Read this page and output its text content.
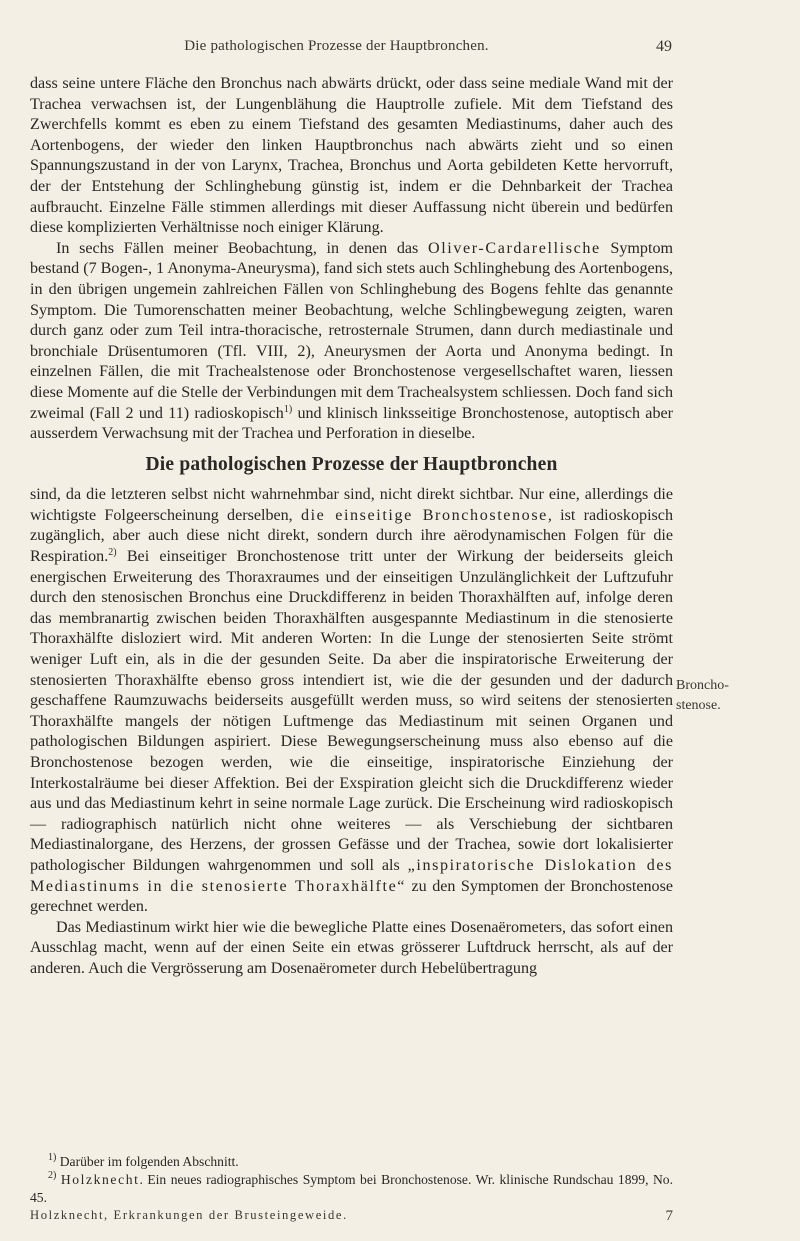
Die pathologischen Prozesse der Hauptbronchen.	49

dass seine untere Fläche den Bronchus nach abwärts drückt, oder dass seine mediale Wand mit der Trachea verwachsen ist, der Lungenblähung die Hauptrolle zufiele. Mit dem Tiefstand des Zwerchfells kommt es eben zu einem Tiefstand des gesamten Mediastinums, daher auch des Aortenbogens, der wieder den linken Hauptbronchus nach abwärts zieht und so einen Spannungszustand in der von Larynx, Trachea, Bronchus und Aorta gebildeten Kette hervorruft, der der Entstehung der Schlinghebung günstig ist, indem er die Dehnbarkeit der Trachea aufbraucht. Einzelne Fälle stimmen allerdings mit dieser Auffassung nicht überein und bedürfen diese komplizierten Verhältnisse noch einiger Klärung.

In sechs Fällen meiner Beobachtung, in denen das Oliver-Cardarellische Symptom bestand (7 Bogen-, 1 Anonyma-Aneurysma), fand sich stets auch Schlinghebung des Aortenbogens, in den übrigen ungemein zahlreichen Fällen von Schlinghebung des Bogens fehlte das genannte Symptom. Die Tumorenschatten meiner Beobachtung, welche Schlingbewegung zeigten, waren durch ganz oder zum Teil intra-thoracische, retrosternale Strumen, dann durch mediastinale und bronchiale Drüsentumoren (Tfl. VIII, 2), Aneurysmen der Aorta und Anonyma bedingt. In einzelnen Fällen, die mit Trachealstenose oder Bronchostenose vergesellschaftet waren, liessen diese Momente auf die Stelle der Verbindungen mit dem Trachealsystem schliessen. Doch fand sich zweimal (Fall 2 und 11) radioskopisch$^{1)}$ und klinisch linksseitige Bronchostenose, autoptisch aber ausserdem Verwachsung mit der Trachea und Perforation in dieselbe.

Die pathologischen Prozesse der Hauptbronchen

sind, da die letzteren selbst nicht wahrnehmbar sind, nicht direkt sichtbar. Nur eine, allerdings die wichtigste Folgeerscheinung derselben, die einseitige Bronchostenose, ist radioskopisch zugänglich, aber auch diese nicht direkt, sondern durch ihre aërodynamischen Folgen für die Respiration.$^{2)}$ Bei einseitiger Bronchostenose tritt unter der Wirkung der beiderseits gleich energischen Erweiterung des Thoraxraumes und der einseitigen Unzulänglichkeit der Luftzufuhr durch den stenosischen Bronchus eine Druckdifferenz in beiden Thoraxhälften auf, infolge deren das membranartig zwischen beiden Thoraxhälften ausgespannte Mediastinum in die stenosierte Thoraxhälfte disloziert wird. Mit anderen Worten: In die Lunge der stenosierten Seite strömt weniger Luft ein, als in die der gesunden Seite. Da aber die inspiratorische Erweiterung der stenosierten Thoraxhälfte ebenso gross intendiert ist, wie die der gesunden und der dadurch geschaffene Raumzuwachs beiderseits ausgefüllt werden muss, so wird seitens der stenosierten Thoraxhälfte mangels der nötigen Luftmenge das Mediastinum mit seinen Organen und pathologischen Bildungen aspiriert. Diese Bewegungserscheinung muss also ebenso auf die Bronchostenose bezogen werden, wie die einseitige, inspiratorische Einziehung der Interkostalräume bei dieser Affektion. Bei der Exspiration gleicht sich die Druckdifferenz wieder aus und das Mediastinum kehrt in seine normale Lage zurück. Die Erscheinung wird radioskopisch — radiographisch natürlich nicht ohne weiteres — als Verschiebung der sichtbaren Mediastinalorgane, des Herzens, der grossen Gefässe und der Trachea, sowie dort lokalisierter pathologischer Bildungen wahrgenommen und soll als „inspiratorische Dislokation des Mediastinums in die stenosierte Thoraxhälfte“ zu den Symptomen der Bronchostenose gerechnet werden.

Das Mediastinum wirkt hier wie die bewegliche Platte eines Dosenaërometers, das sofort einen Ausschlag macht, wenn auf der einen Seite ein etwas grösserer Luftdruck herrscht, als auf der anderen. Auch die Vergrösserung am Dosenaërometer durch Hebelübertragung

Broncho-
stenose.

$^{1)}$ Darüber im folgenden Abschnitt.

$^{2)}$ Holzknecht. Ein neues radiographisches Symptom bei Bronchostenose. Wr. klinische Rundschau 1899, No. 45.

Holzknecht, Erkrankungen der Brusteingeweide.	7
